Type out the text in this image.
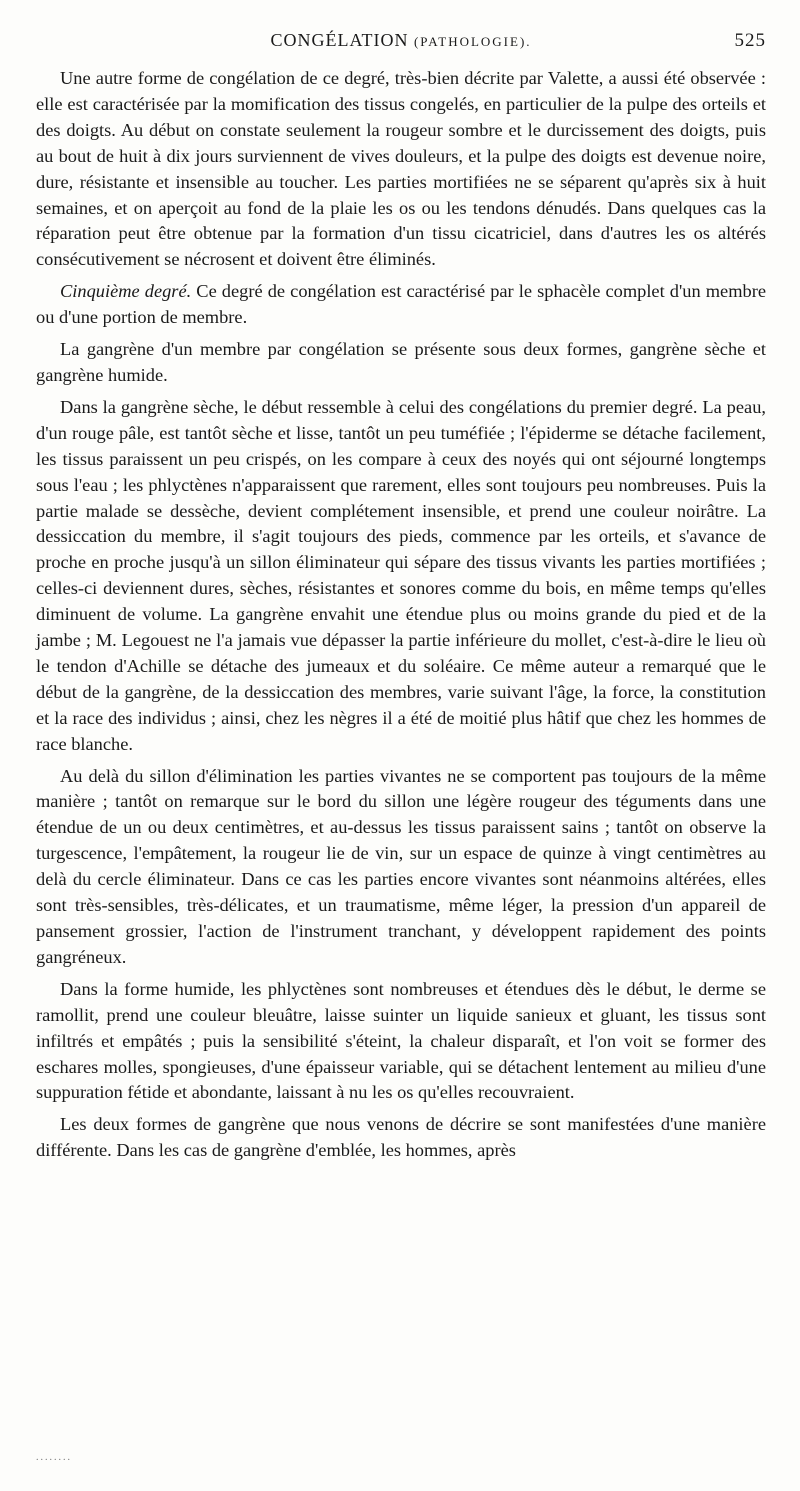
CONGÉLATION (PATHOLOGIE).	525

Une autre forme de congélation de ce degré, très-bien décrite par Valette, a aussi été observée : elle est caractérisée par la momification des tissus congelés, en particulier de la pulpe des orteils et des doigts. Au début on constate seulement la rougeur sombre et le durcissement des doigts, puis au bout de huit à dix jours surviennent de vives douleurs, et la pulpe des doigts est devenue noire, dure, résistante et insensible au toucher. Les parties mortifiées ne se séparent qu'après six à huit semaines, et on aperçoit au fond de la plaie les os ou les tendons dénudés. Dans quelques cas la réparation peut être obtenue par la formation d'un tissu cicatriciel, dans d'autres les os altérés consécutivement se nécrosent et doivent être éliminés.

Cinquième degré. Ce degré de congélation est caractérisé par le sphacèle complet d'un membre ou d'une portion de membre.

La gangrène d'un membre par congélation se présente sous deux formes, gangrène sèche et gangrène humide.

Dans la gangrène sèche, le début ressemble à celui des congélations du premier degré. La peau, d'un rouge pâle, est tantôt sèche et lisse, tantôt un peu tuméfiée ; l'épiderme se détache facilement, les tissus paraissent un peu crispés, on les compare à ceux des noyés qui ont séjourné longtemps sous l'eau ; les phlyctènes n'apparaissent que rarement, elles sont toujours peu nombreuses. Puis la partie malade se dessèche, devient complétement insensible, et prend une couleur noirâtre. La dessiccation du membre, il s'agit toujours des pieds, commence par les orteils, et s'avance de proche en proche jusqu'à un sillon éliminateur qui sépare des tissus vivants les parties mortifiées ; celles-ci deviennent dures, sèches, résistantes et sonores comme du bois, en même temps qu'elles diminuent de volume. La gangrène envahit une étendue plus ou moins grande du pied et de la jambe ; M. Legouest ne l'a jamais vue dépasser la partie inférieure du mollet, c'est-à-dire le lieu où le tendon d'Achille se détache des jumeaux et du soléaire. Ce même auteur a remarqué que le début de la gangrène, de la dessiccation des membres, varie suivant l'âge, la force, la constitution et la race des individus ; ainsi, chez les nègres il a été de moitié plus hâtif que chez les hommes de race blanche.

Au delà du sillon d'élimination les parties vivantes ne se comportent pas toujours de la même manière ; tantôt on remarque sur le bord du sillon une légère rougeur des téguments dans une étendue de un ou deux centimètres, et au-dessus les tissus paraissent sains ; tantôt on observe la turgescence, l'empâtement, la rougeur lie de vin, sur un espace de quinze à vingt centimètres au delà du cercle éliminateur. Dans ce cas les parties encore vivantes sont néanmoins altérées, elles sont très-sensibles, très-délicates, et un traumatisme, même léger, la pression d'un appareil de pansement grossier, l'action de l'instrument tranchant, y développent rapidement des points gangréneux.

Dans la forme humide, les phlyctènes sont nombreuses et étendues dès le début, le derme se ramollit, prend une couleur bleuâtre, laisse suinter un liquide sanieux et gluant, les tissus sont infiltrés et empâtés ; puis la sensibilité s'éteint, la chaleur disparaît, et l'on voit se former des eschares molles, spongieuses, d'une épaisseur variable, qui se détachent lentement au milieu d'une suppuration fétide et abondante, laissant à nu les os qu'elles recouvraient.

Les deux formes de gangrène que nous venons de décrire se sont manifestées d'une manière différente. Dans les cas de gangrène d'emblée, les hommes, après

........
